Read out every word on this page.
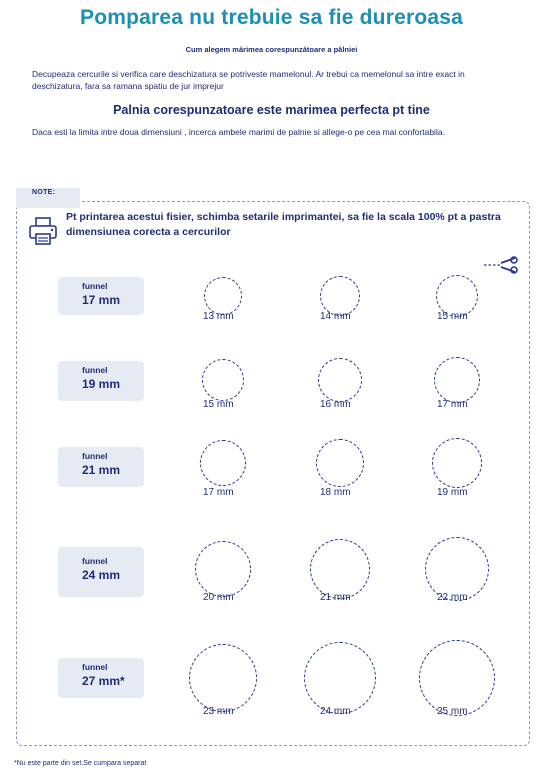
Pomparea nu trebuie sa fie dureroasa
Cum alegem mărimea corespunzătoare a pâlniei
Decupeaza cercurile si verifica care deschizatura se potriveste mamelonul. Ar trebui ca memelonul sa intre exact in deschizatura, fara sa ramana spatiu de jur imprejur
Palnia corespunzatoare este marimea perfecta pt tine
Daca esti la limita intre doua dimensiuni , incerca ambele marimi de palnie si allege-o pe cea mai confortabila.
NOTE:
Pt printarea acestui fisier, schimba setarile imprimantei, sa fie la scala 100% pt a pastra dimensiunea corecta a cercurilor
funnel
17 mm
13 mm	14 mm	15 mm
funnel
19 mm
15 mm	16 mm	17 mm
funnel
21 mm
17 mm	18 mm	19 mm
funnel
24 mm
20 mm	21 mm	22 mm
funnel
27 mm*
23 mm	24 mm	25 mm
*Nu este parte din set.Se cumpara separat
